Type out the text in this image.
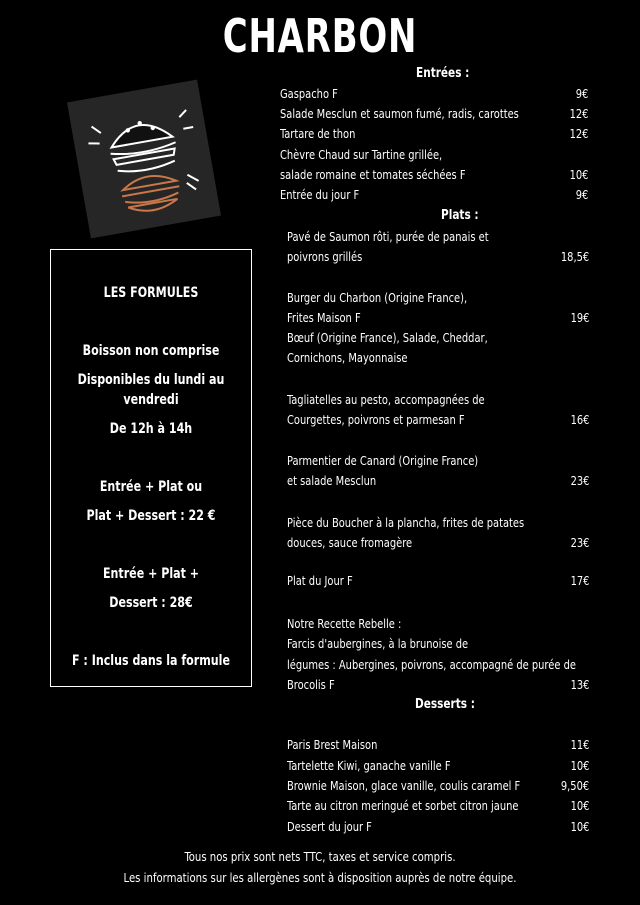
CHARBON
LES FORMULES
Boisson non comprise
Disponibles du lundi au
vendredi
De 12h à 14h
Entrée + Plat ou
Plat + Dessert : 22 €
Entrée + Plat +
Dessert : 28€
F : Inclus dans la formule
Entrées :
Gaspacho F	9€
Salade Mesclun et saumon fumé, radis, carottes	12€
Tartare de thon	12€
Chèvre Chaud sur Tartine grillée,
salade romaine et tomates séchées F	10€
Entrée du jour F	9€
Plats :
Pavé de Saumon rôti, purée de panais et
poivrons grillés	18,5€
Burger du Charbon (Origine France),
Frites Maison F	19€
Bœuf (Origine France), Salade, Cheddar,
Cornichons, Mayonnaise
Tagliatelles au pesto, accompagnées de
Courgettes, poivrons et parmesan F	16€
Parmentier de Canard (Origine France)
et salade Mesclun	23€
Pièce du Boucher à la plancha, frites de patates
douces, sauce fromagère	23€
Plat du Jour F	17€
Notre Recette Rebelle :
Farcis d'aubergines, à la brunoise de
légumes : Aubergines, poivrons, accompagné de purée de
Brocolis F	13€
Desserts :
Paris Brest Maison	11€
Tartelette Kiwi, ganache vanille F	10€
Brownie Maison, glace vanille, coulis caramel F	9,50€
Tarte au citron meringué et sorbet citron jaune	10€
Dessert du jour F	10€
Tous nos prix sont nets TTC, taxes et service compris.
Les informations sur les allergènes sont à disposition auprès de notre équipe.
